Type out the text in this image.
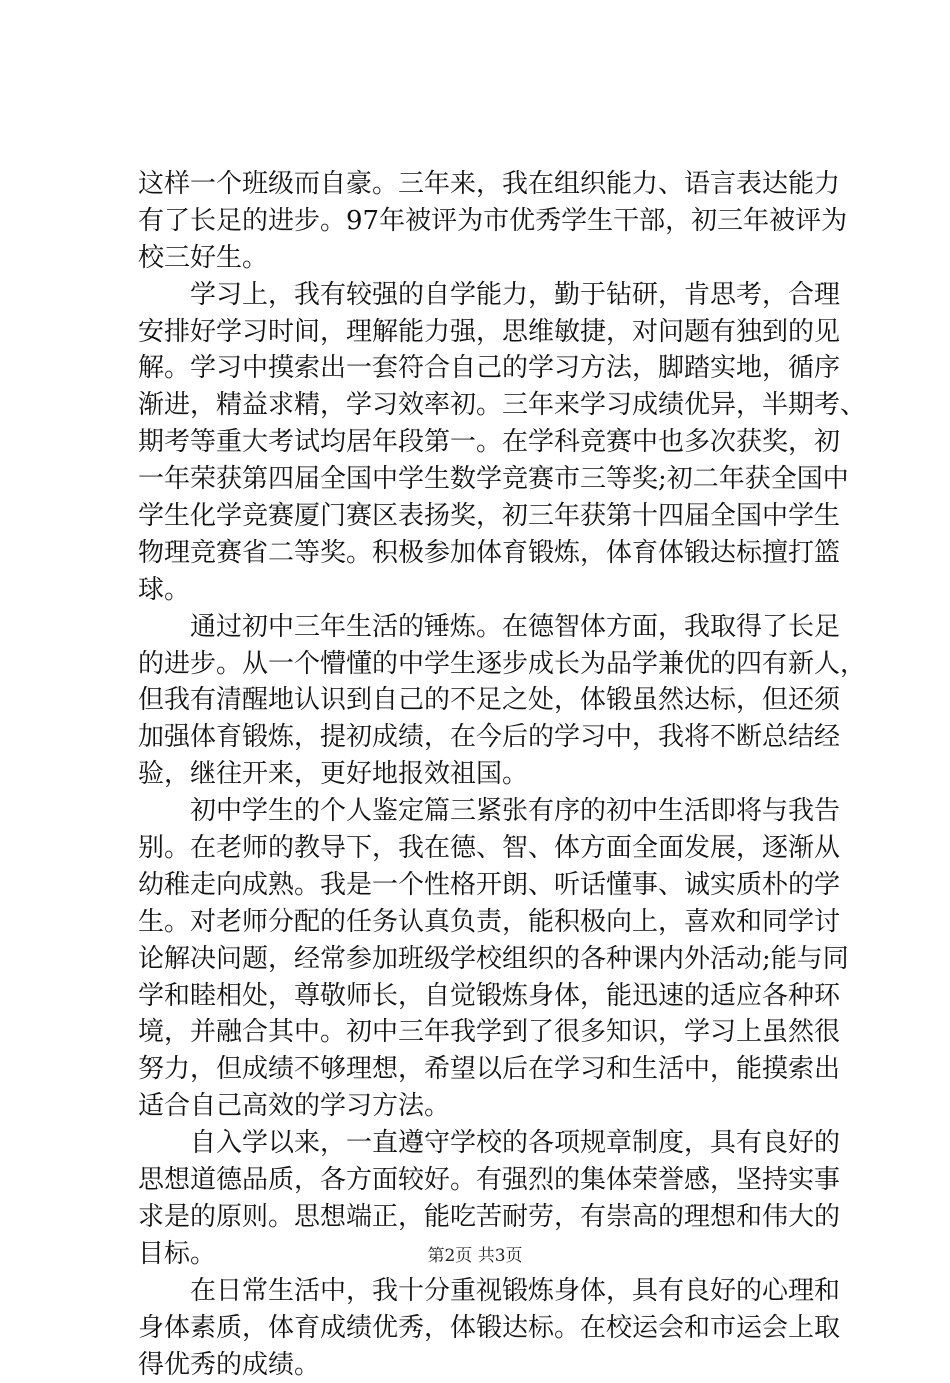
这样一个班级而自豪。三年来，我在组织能力、语言表达能力
有了长足的进步。97年被评为市优秀学生干部，初三年被评为
校三好生。
学习上，我有较强的自学能力，勤于钻研，肯思考，合理
安排好学习时间，理解能力强，思维敏捷，对问题有独到的见
解。学习中摸索出一套符合自己的学习方法，脚踏实地，循序
渐进，精益求精，学习效率初。三年来学习成绩优异，半期考、
期考等重大考试均居年段第一。在学科竞赛中也多次获奖，初
一年荣获第四届全国中学生数学竞赛市三等奖;初二年获全国中
学生化学竞赛厦门赛区表扬奖，初三年获第十四届全国中学生
物理竞赛省二等奖。积极参加体育锻炼，体育体锻达标擅打篮
球。
通过初中三年生活的锤炼。在德智体方面，我取得了长足
的进步。从一个懵懂的中学生逐步成长为品学兼优的四有新人，
但我有清醒地认识到自己的不足之处，体锻虽然达标，但还须
加强体育锻炼，提初成绩，在今后的学习中，我将不断总结经
验，继往开来，更好地报效祖国。
初中学生的个人鉴定篇三紧张有序的初中生活即将与我告
别。在老师的教导下，我在德、智、体方面全面发展，逐渐从
幼稚走向成熟。我是一个性格开朗、听话懂事、诚实质朴的学
生。对老师分配的任务认真负责，能积极向上，喜欢和同学讨
论解决问题，经常参加班级学校组织的各种课内外活动;能与同
学和睦相处，尊敬师长，自觉锻炼身体，能迅速的适应各种环
境，并融合其中。初中三年我学到了很多知识，学习上虽然很
努力，但成绩不够理想，希望以后在学习和生活中，能摸索出
适合自己高效的学习方法。
自入学以来，一直遵守学校的各项规章制度，具有良好的
思想道德品质，各方面较好。有强烈的集体荣誉感，坚持实事
求是的原则。思想端正，能吃苦耐劳，有崇高的理想和伟大的
目标。
在日常生活中，我十分重视锻炼身体，具有良好的心理和
身体素质，体育成绩优秀，体锻达标。在校运会和市运会上取
得优秀的成绩。
第2页 共3页
